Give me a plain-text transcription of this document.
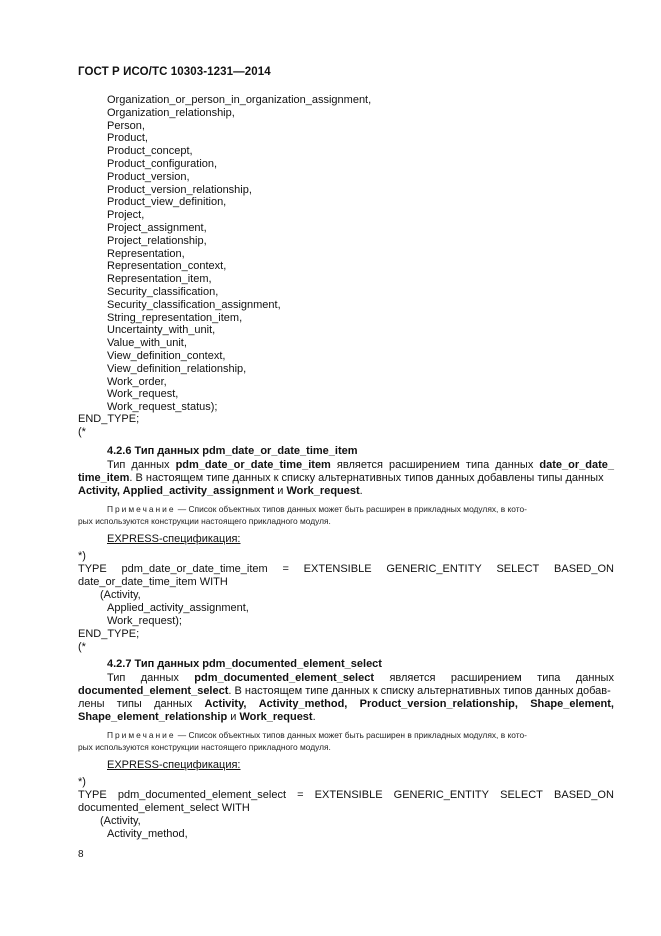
ГОСТ Р ИСО/ТС 10303-1231—2014
Organization_or_person_in_organization_assignment,
Organization_relationship,
Person,
Product,
Product_concept,
Product_configuration,
Product_version,
Product_version_relationship,
Product_view_definition,
Project,
Project_assignment,
Project_relationship,
Representation,
Representation_context,
Representation_item,
Security_classification,
Security_classification_assignment,
String_representation_item,
Uncertainty_with_unit,
Value_with_unit,
View_definition_context,
View_definition_relationship,
Work_order,
Work_request,
Work_request_status);
END_TYPE;
(*
4.2.6 Тип данных pdm_date_or_date_time_item
Тип данных pdm_date_or_date_time_item является расширением типа данных date_or_date_
time_item. В настоящем типе данных к списку альтернативных типов данных добавлены типы данных
Activity, Applied_activity_assignment и Work_request.
Примечание — Список объектных типов данных может быть расширен в прикладных модулях, в кото-
рых используются конструкции настоящего прикладного модуля.
EXPRESS-спецификация:
*)
TYPE pdm_date_or_date_time_item = EXTENSIBLE GENERIC_ENTITY SELECT BASED_ON
date_or_date_time_item WITH
(Activity,
Applied_activity_assignment,
Work_request);
END_TYPE;
(*
4.2.7 Тип данных pdm_documented_element_select
Тип данных pdm_documented_element_select является расширением типа данных
documented_element_select. В настоящем типе данных к списку альтернативных типов данных добав-
лены типы данных Activity, Activity_method, Product_version_relationship, Shape_element,
Shape_element_relationship и Work_request.
Примечание — Список объектных типов данных может быть расширен в прикладных модулях, в кото-
рых используются конструкции настоящего прикладного модуля.
EXPRESS-спецификация:
*)
TYPE pdm_documented_element_select = EXTENSIBLE GENERIC_ENTITY SELECT BASED_ON
documented_element_select WITH
(Activity,
Activity_method,
8
